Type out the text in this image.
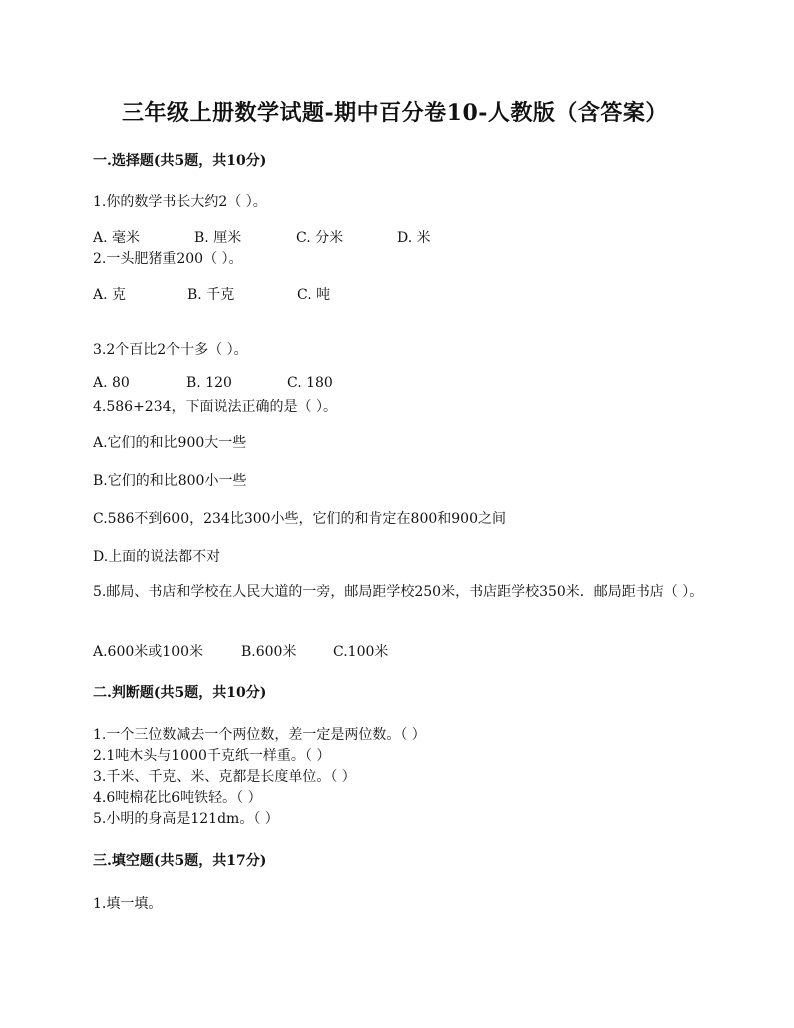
三年级上册数学试题-期中百分卷10-人教版（含答案）
一.选择题(共5题，共10分)
1.你的数学书长大约2（ ）。
A. 毫米	B. 厘米	C. 分米	D. 米
2.一头肥猪重200（ ）。
A. 克	B. 千克	C. 吨
3.2个百比2个十多（ ）。
A. 80	B. 120	C. 180
4.586+234，下面说法正确的是（ ）。
A.它们的和比900大一些
B.它们的和比800小一些
C.586不到600，234比300小些，它们的和肯定在800和900之间
D.上面的说法都不对
5.邮局、书店和学校在人民大道的一旁，邮局距学校250米，书店距学校350米．邮局距书店（ ）。
A.600米或100米	B.600米	C.100米
二.判断题(共5题，共10分)
1.一个三位数减去一个两位数，差一定是两位数。（ ）
2.1吨木头与1000千克纸一样重。（ ）
3.千米、千克、米、克都是长度单位。（ ）
4.6吨棉花比6吨铁轻。（ ）
5.小明的身高是121dm。（ ）
三.填空题(共5题，共17分)
1.填一填。
